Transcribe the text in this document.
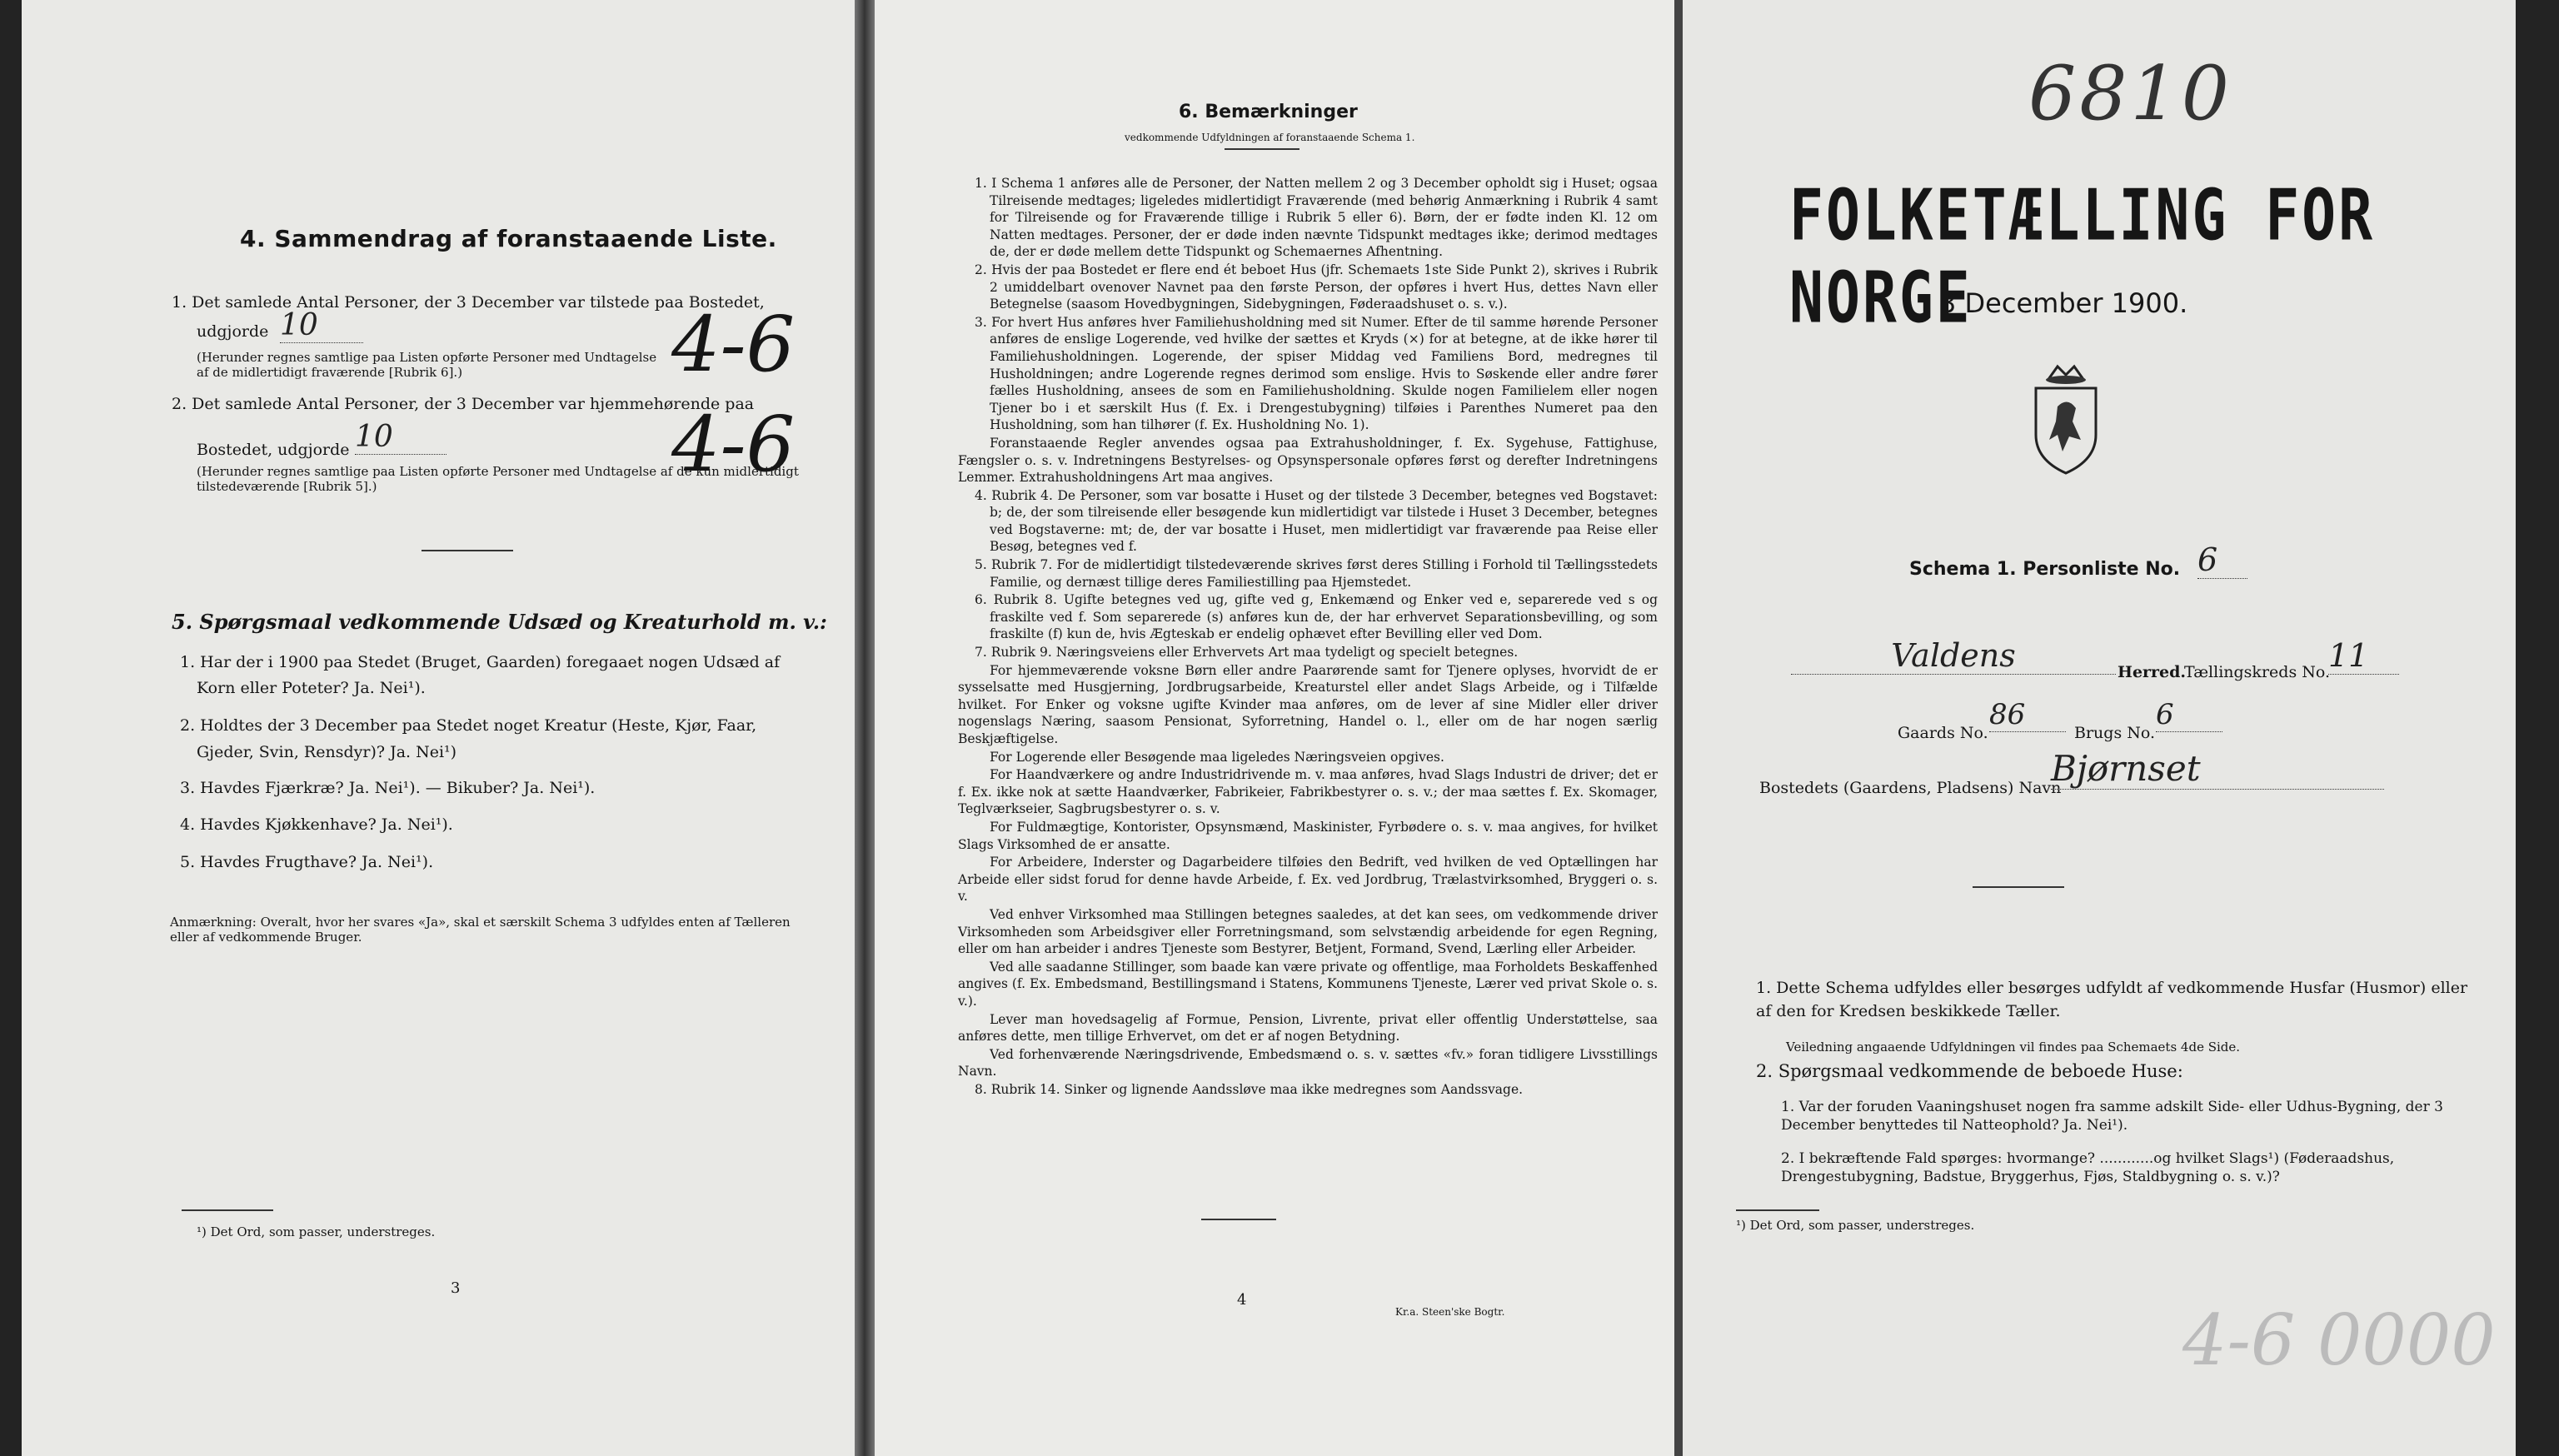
4. Sammendrag af foranstaaende Liste.
1. Det samlede Antal Personer, der 3 December var tilstede paa Bostedet,
udgjorde 10
(Herunder regnes samtlige paa Listen opførte Personer med Undtagelse af de midlertidigt fraværende [Rubrik 6].)	4-6
2. Det samlede Antal Personer, der 3 December var hjemmehørende paa
Bostedet, udgjorde 10
(Herunder regnes samtlige paa Listen opførte Personer med Undtagelse af de kun midlertidigt tilstedeværende [Rubrik 5].)	4-6
5. Spørgsmaal vedkommende Udsæd og Kreaturhold m. v.:
1. Har der i 1900 paa Stedet (Bruget, Gaarden) foregaaet nogen Udsæd af
Korn eller Poteter? Ja. Nei¹).
2. Holdtes der 3 December paa Stedet noget Kreatur (Heste, Kjør, Faar,
Gjeder, Svin, Rensdyr)? Ja. Nei¹)
3. Havdes Fjærkræ? Ja. Nei¹). — Bikuber? Ja. Nei¹).
4. Havdes Kjøkkenhave? Ja. Nei¹).
5. Havdes Frugthave? Ja. Nei¹).
Anmærkning: Overalt, hvor her svares «Ja», skal et særskilt Schema 3 udfyldes enten af Tælleren eller af vedkommende Bruger.
¹) Det Ord, som passer, understreges.
3
6. Bemærkninger
vedkommende Udfyldningen af foranstaaende Schema 1.

1. I Schema 1 anføres alle de Personer, der Natten mellem 2 og 3 December opholdt sig i Huset; ogsaa Tilreisende medtages; ligeledes midlertidigt Fraværende (med behørig Anmærkning i Rubrik 4 samt for Tilreisende og for Fraværende tillige i Rubrik 5 eller 6). Børn, der er fødte inden Kl. 12 om Natten medtages. Personer, der er døde inden nævnte Tidspunkt medtages ikke; derimod medtages de, der er døde mellem dette Tidspunkt og Schemaernes Afhentning.

2. Hvis der paa Bostedet er flere end ét beboet Hus (jfr. Schemaets 1ste Side Punkt 2), skrives i Rubrik 2 umiddelbart ovenover Navnet paa den første Person, der opføres i hvert Hus, dettes Navn eller Betegnelse (saasom Hovedbygningen, Sidebygningen, Føderaadshuset o. s. v.).

3. For hvert Hus anføres hver Familiehusholdning med sit Numer. Efter de til samme hørende Personer anføres de enslige Logerende, ved hvilke der sættes et Kryds (×) for at betegne, at de ikke hører til Familiehusholdningen. Logerende, der spiser Middag ved Familiens Bord, medregnes til Husholdningen; andre Logerende regnes derimod som enslige. Hvis to Søskende eller andre fører fælles Husholdning, ansees de som en Familiehusholdning. Skulde nogen Familielem eller nogen Tjener bo i et særskilt Hus (f. Ex. i Drengestubygning) tilføies i Parenthes Numeret paa den Husholdning, som han tilhører (f. Ex. Husholdning No. 1).

Foranstaaende Regler anvendes ogsaa paa Extrahusholdninger, f. Ex. Sygehuse, Fattighuse, Fængsler o. s. v. Indretningens Bestyrelses- og Opsynspersonale opføres først og derefter Indretningens Lemmer. Extrahusholdningens Art maa angives.

4. Rubrik 4. De Personer, som var bosatte i Huset og der tilstede 3 December, betegnes ved Bogstavet: b; de, der som tilreisende eller besøgende kun midlertidigt var tilstede i Huset 3 December, betegnes ved Bogstaverne: mt; de, der var bosatte i Huset, men midlertidigt var fraværende paa Reise eller Besøg, betegnes ved f.

5. Rubrik 7. For de midlertidigt tilstedeværende skrives først deres Stilling i Forhold til Tællingsstedets Familie, og dernæst tillige deres Familiestilling paa Hjemstedet.

6. Rubrik 8. Ugifte betegnes ved ug, gifte ved g, Enkemænd og Enker ved e, separerede ved s og fraskilte ved f. Som separerede (s) anføres kun de, der har erhvervet Separationsbevilling, og som fraskilte (f) kun de, hvis Ægteskab er endelig ophævet efter Bevilling eller ved Dom.

7. Rubrik 9. Næringsveiens eller Erhvervets Art maa tydeligt og specielt betegnes.

For hjemmeværende voksne Børn eller andre Paarørende samt for Tjenere oplyses, hvorvidt de er sysselsatte med Husgjerning, Jordbrugsarbeide, Kreaturstel eller andet Slags Arbeide, og i Tilfælde hvilket. For Enker og voksne ugifte Kvinder maa anføres, om de lever af sine Midler eller driver nogenslags Næring, saasom Pensionat, Syforretning, Handel o. l., eller om de har nogen særlig Beskjæftigelse.

For Logerende eller Besøgende maa ligeledes Næringsveien opgives.

For Haandværkere og andre Industridrivende m. v. maa anføres, hvad Slags Industri de driver; det er f. Ex. ikke nok at sætte Haandværker, Fabrikeier, Fabrikbestyrer o. s. v.; der maa sættes f. Ex. Skomager, Teglværkseier, Sagbrugsbestyrer o. s. v.

For Fuldmægtige, Kontorister, Opsynsmænd, Maskinister, Fyrbødere o. s. v. maa angives, for hvilket Slags Virksomhed de er ansatte.

For Arbeidere, Inderster og Dagarbeidere tilføies den Bedrift, ved hvilken de ved Optællingen har Arbeide eller sidst forud for denne havde Arbeide, f. Ex. ved Jordbrug, Trælastvirksomhed, Bryggeri o. s. v.

Ved enhver Virksomhed maa Stillingen betegnes saaledes, at det kan sees, om vedkommende driver Virksomheden som Arbeidsgiver eller Forretningsmand, som selvstændig arbeidende for egen Regning, eller om han arbeider i andres Tjeneste som Bestyrer, Betjent, Formand, Svend, Lærling eller Arbeider.

Ved alle saadanne Stillinger, som baade kan være private og offentlige, maa Forholdets Beskaffenhed angives (f. Ex. Embedsmand, Bestillingsmand i Statens, Kommunens Tjeneste, Lærer ved privat Skole o. s. v.).

Lever man hovedsagelig af Formue, Pension, Livrente, privat eller offentlig Understøttelse, saa anføres dette, men tillige Erhvervet, om det er af nogen Betydning.

Ved forhenværende Næringsdrivende, Embedsmænd o. s. v. sættes «fv.» foran tidligere Livsstillings Navn.

8. Rubrik 14. Sinker og lignende Aandssløve maa ikke medregnes som Aandssvage.

4
Kr.a. Steen'ske Bogtr.
6810
FOLKETÆLLING FOR NORGE
3 December 1900.
Schema 1. Personliste No. 6
Valdens	Herred.
Tællingskreds No.
11
Gaards No.
86
Brugs No.
6
Bostedets (Gaardens, Pladsens) Navn
Bjørnset
1. Dette Schema udfyldes eller besørges udfyldt af vedkommende Husfar (Husmor) eller af den for Kredsen beskikkede Tæller.
Veiledning angaaende Udfyldningen vil findes paa Schemaets 4de Side.
2. Spørgsmaal vedkommende de beboede Huse:
1. Var der foruden Vaaningshuset nogen fra samme adskilt Side- eller Udhus-Bygning, der 3 December benyttedes til Natteophold? Ja. Nei¹).
2. I bekræftende Fald spørges: hvormange? ............og hvilket Slags¹) (Føderaadshus, Drengestubygning, Badstue, Bryggerhus, Fjøs, Staldbygning o. s. v.)?
¹) Det Ord, som passer, understreges.
4-6 0000
